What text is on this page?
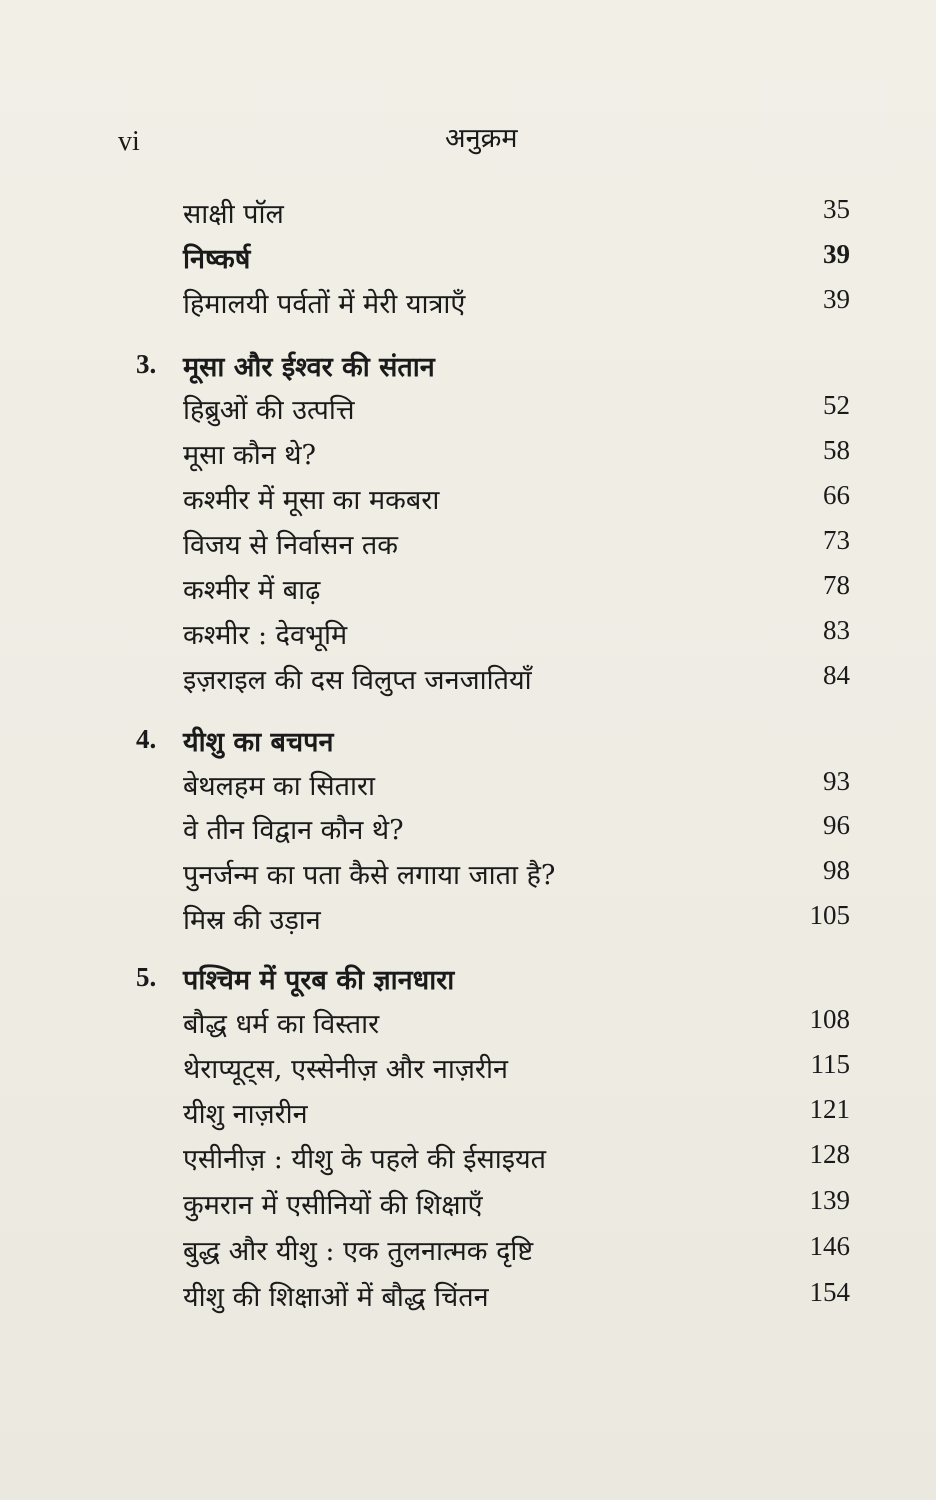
vi	अनुक्रम
साक्षी पॉल	35
निष्कर्ष	39
हिमालयी पर्वतों में मेरी यात्राएँ	39
3. मूसा और ईश्वर की संतान
हिब्रुओं की उत्पत्ति	52
मूसा कौन थे?	58
कश्मीर में मूसा का मकबरा	66
विजय से निर्वासन तक	73
कश्मीर में बाढ़	78
कश्मीर : देवभूमि	83
इज़राइल की दस विलुप्त जनजातियाँ	84
4. यीशु का बचपन
बेथलहम का सितारा	93
वे तीन विद्वान कौन थे?	96
पुनर्जन्म का पता कैसे लगाया जाता है?	98
मिस्र की उड़ान	105
5. पश्चिम में पूरब की ज्ञानधारा
बौद्ध धर्म का विस्तार	108
थेराप्यूट्स, एस्सेनीज़ और नाज़रीन	115
यीशु नाज़रीन	121
एसीनीज़ : यीशु के पहले की ईसाइयत	128
कुमरान में एसीनियों की शिक्षाएँ	139
बुद्ध और यीशु : एक तुलनात्मक दृष्टि	146
यीशु की शिक्षाओं में बौद्ध चिंतन	154
